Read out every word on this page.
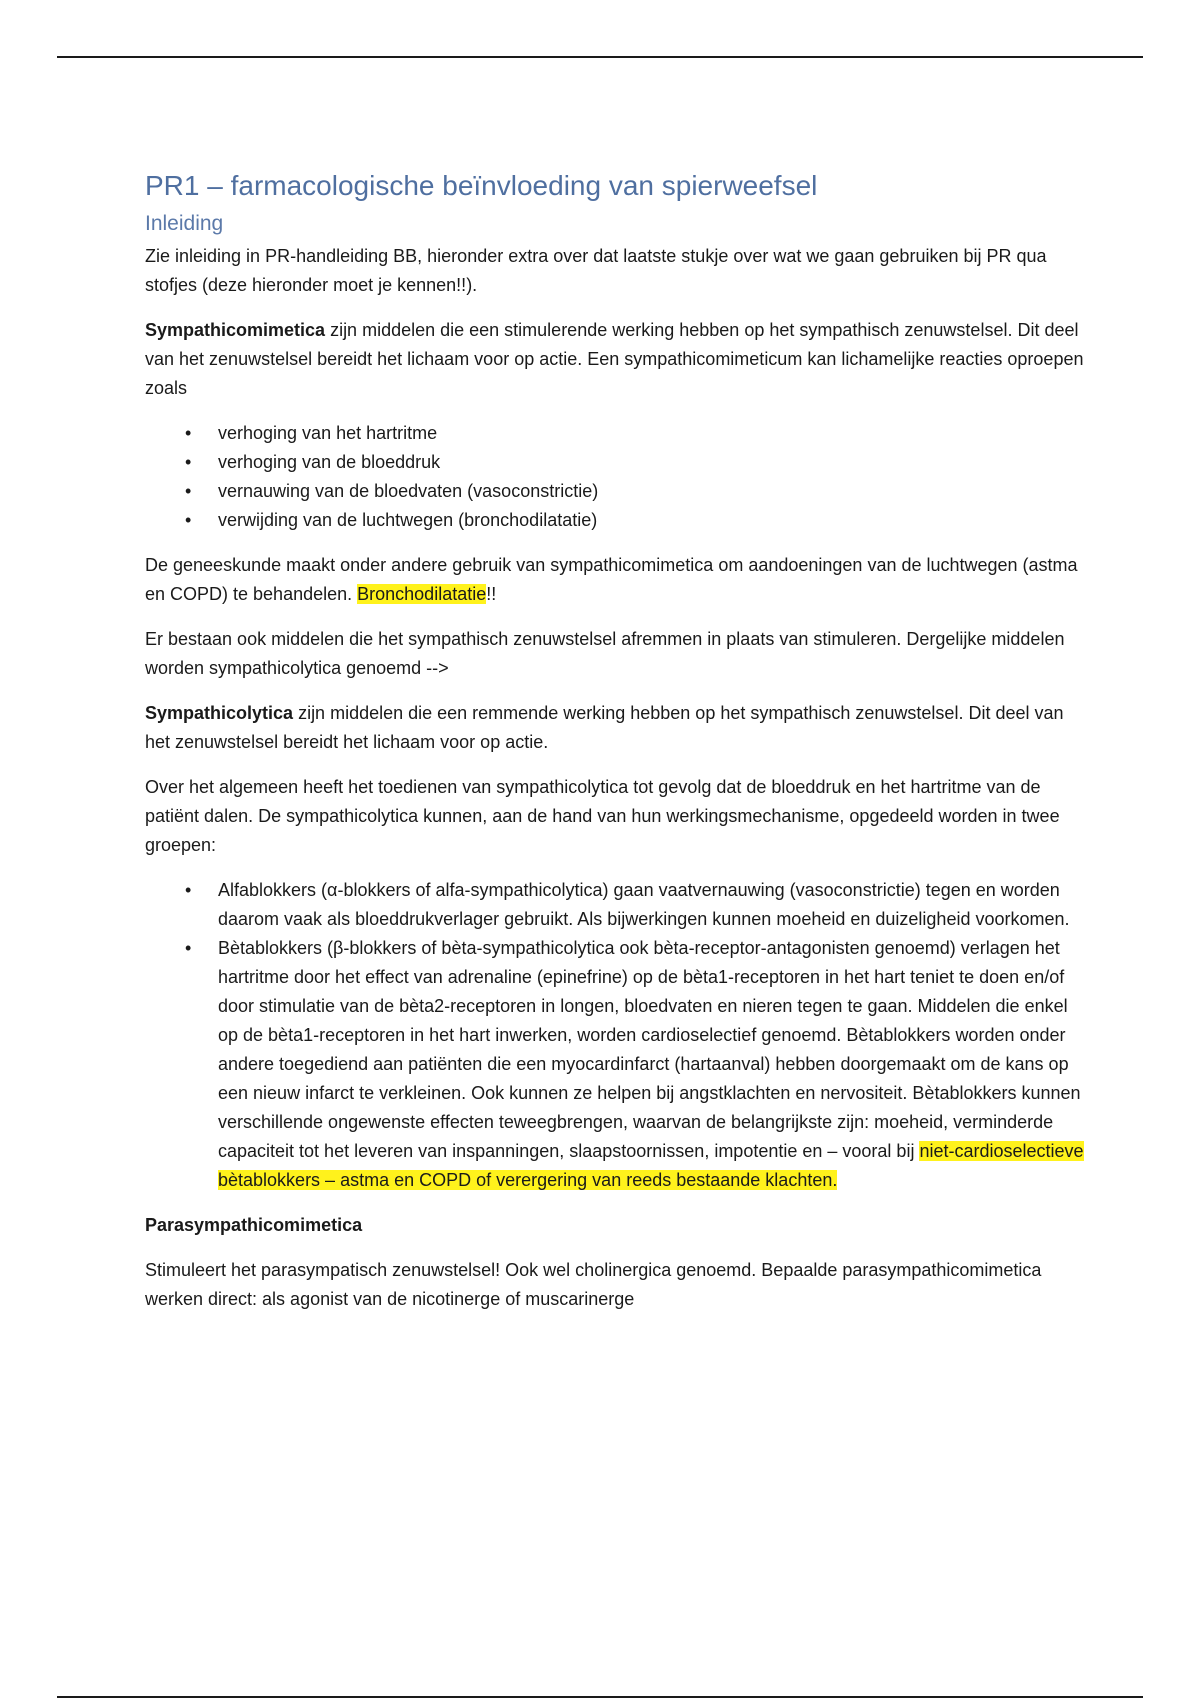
PR1 – farmacologische beïnvloeding van spierweefsel
Inleiding

Zie inleiding in PR-handleiding BB, hieronder extra over dat laatste stukje over wat we gaan gebruiken bij PR qua stofjes (deze hieronder moet je kennen!!).

Sympathicomimetica zijn middelen die een stimulerende werking hebben op het sympathisch zenuwstelsel. Dit deel van het zenuwstelsel bereidt het lichaam voor op actie. Een sympathicomimeticum kan lichamelijke reacties oproepen zoals

• verhoging van het hartritme
• verhoging van de bloeddruk
• vernauwing van de bloedvaten (vasoconstrictie)
• verwijding van de luchtwegen (bronchodilatatie)

De geneeskunde maakt onder andere gebruik van sympathicomimetica om aandoeningen van de luchtwegen (astma en COPD) te behandelen. Bronchodilatatie!!

Er bestaan ook middelen die het sympathisch zenuwstelsel afremmen in plaats van stimuleren. Dergelijke middelen worden sympathicolytica genoemd -->

Sympathicolytica zijn middelen die een remmende werking hebben op het sympathisch zenuwstelsel. Dit deel van het zenuwstelsel bereidt het lichaam voor op actie.

Over het algemeen heeft het toedienen van sympathicolytica tot gevolg dat de bloeddruk en het hartritme van de patiënt dalen. De sympathicolytica kunnen, aan de hand van hun werkingsmechanisme, opgedeeld worden in twee groepen:

• Alfablokkers (α-blokkers of alfa-sympathicolytica) gaan vaatvernauwing (vasoconstrictie) tegen en worden daarom vaak als bloeddrukverlager gebruikt. Als bijwerkingen kunnen moeheid en duizeligheid voorkomen.
• Bètablokkers (β-blokkers of bèta-sympathicolytica ook bèta-receptor-antagonisten genoemd) verlagen het hartritme door het effect van adrenaline (epinefrine) op de bèta1-receptoren in het hart teniet te doen en/of door stimulatie van de bèta2-receptoren in longen, bloedvaten en nieren tegen te gaan. Middelen die enkel op de bèta1-receptoren in het hart inwerken, worden cardioselectief genoemd. Bètablokkers worden onder andere toegediend aan patiënten die een myocardinfarct (hartaanval) hebben doorgemaakt om de kans op een nieuw infarct te verkleinen. Ook kunnen ze helpen bij angstklachten en nervositeit. Bètablokkers kunnen verschillende ongewenste effecten teweegbrengen, waarvan de belangrijkste zijn: moeheid, verminderde capaciteit tot het leveren van inspanningen, slaapstoornissen, impotentie en – vooral bij niet-cardioselectieve bètablokkers – astma en COPD of verergering van reeds bestaande klachten.

Parasympathicomimetica

Stimuleert het parasympatisch zenuwstelsel! Ook wel cholinergica genoemd. Bepaalde parasympathicomimetica werken direct: als agonist van de nicotinerge of muscarinerge
